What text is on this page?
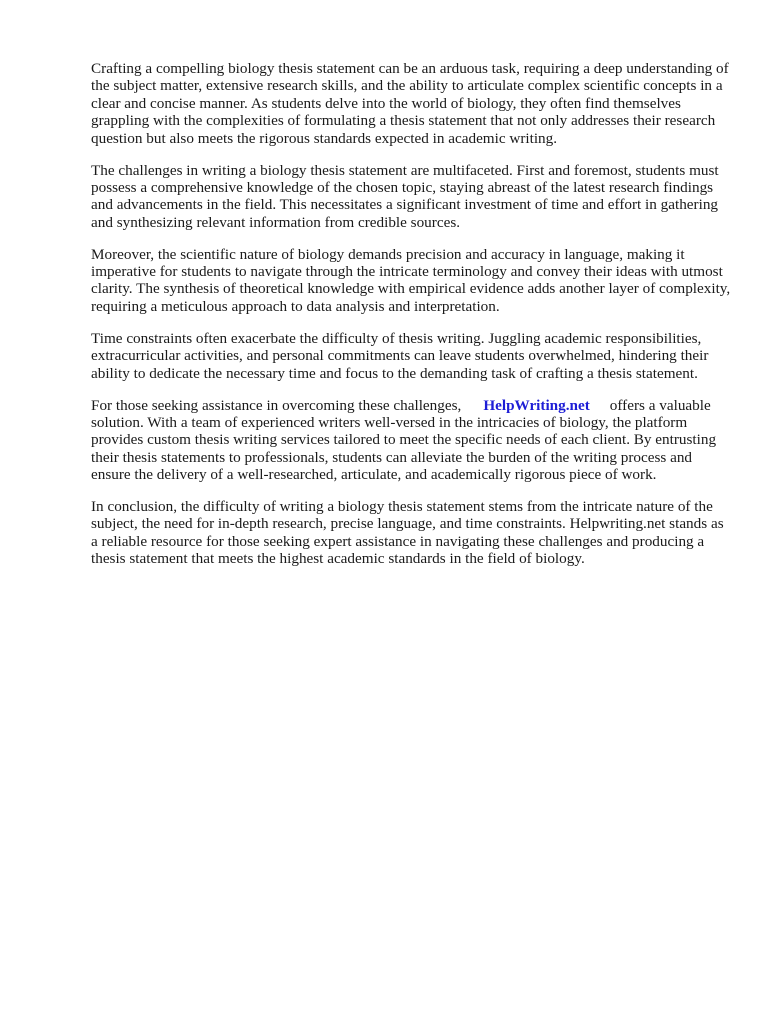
Crafting a compelling biology thesis statement can be an arduous task, requiring a deep understanding of the subject matter, extensive research skills, and the ability to articulate complex scientific concepts in a clear and concise manner. As students delve into the world of biology, they often find themselves grappling with the complexities of formulating a thesis statement that not only addresses their research question but also meets the rigorous standards expected in academic writing.

The challenges in writing a biology thesis statement are multifaceted. First and foremost, students must possess a comprehensive knowledge of the chosen topic, staying abreast of the latest research findings and advancements in the field. This necessitates a significant investment of time and effort in gathering and synthesizing relevant information from credible sources.

Moreover, the scientific nature of biology demands precision and accuracy in language, making it imperative for students to navigate through the intricate terminology and convey their ideas with utmost clarity. The synthesis of theoretical knowledge with empirical evidence adds another layer of complexity, requiring a meticulous approach to data analysis and interpretation.

Time constraints often exacerbate the difficulty of thesis writing. Juggling academic responsibilities, extracurricular activities, and personal commitments can leave students overwhelmed, hindering their ability to dedicate the necessary time and focus to the demanding task of crafting a thesis statement.

For those seeking assistance in overcoming these challenges, HelpWriting.net offers a valuable solution. With a team of experienced writers well-versed in the intricacies of biology, the platform provides custom thesis writing services tailored to meet the specific needs of each client. By entrusting their thesis statements to professionals, students can alleviate the burden of the writing process and ensure the delivery of a well-researched, articulate, and academically rigorous piece of work.

In conclusion, the difficulty of writing a biology thesis statement stems from the intricate nature of the subject, the need for in-depth research, precise language, and time constraints. Helpwriting.net stands as a reliable resource for those seeking expert assistance in navigating these challenges and producing a thesis statement that meets the highest academic standards in the field of biology.
